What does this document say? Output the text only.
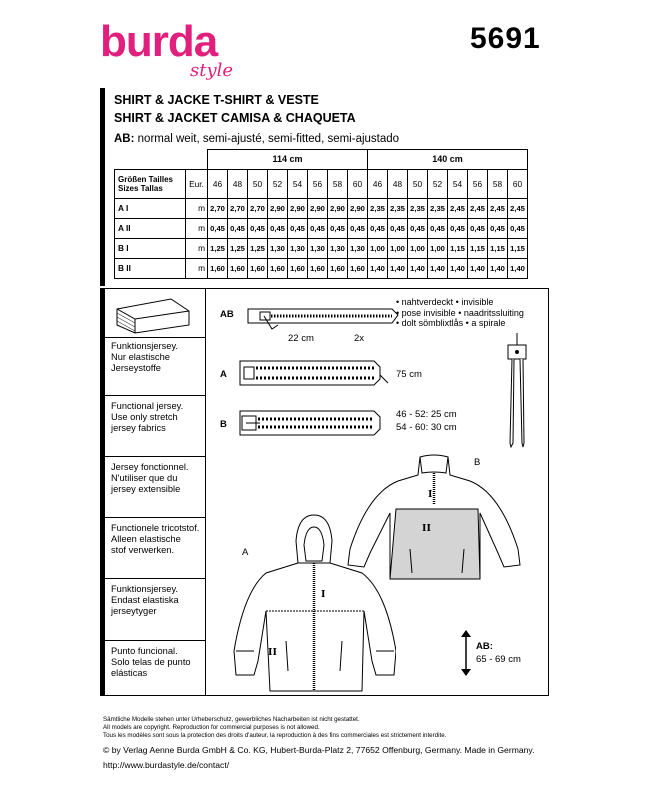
burda
style
5691
SHIRT & JACKE T-SHIRT & VESTE
SHIRT & JACKET CAMISA & CHAQUETA
AB: normal weit, semi-ajusté, semi-fitted, semi-ajustado
		114 cm								140 cm							
Größen Tailles
Sizes Tallas	Eur.	46	48	50	52	54	56	58	60	46	48	50	52	54	56	58	60
A I	m	2,70	2,70	2,70	2,90	2,90	2,90	2,90	2,90	2,35	2,35	2,35	2,35	2,45	2,45	2,45	2,45
A II	m	0,45	0,45	0,45	0,45	0,45	0,45	0,45	0,45	0,45	0,45	0,45	0,45	0,45	0,45	0,45	0,45
B I	m	1,25	1,25	1,25	1,30	1,30	1,30	1,30	1,30	1,00	1,00	1,00	1,00	1,15	1,15	1,15	1,15
B II	m	1,60	1,60	1,60	1,60	1,60	1,60	1,60	1,60	1,40	1,40	1,40	1,40	1,40	1,40	1,40	1,40
Funktionsjersey.
Nur elastische
Jerseystoffe
Functional jersey.
Use only stretch
jersey fabrics
Jersey fonctionnel.
N'utiliser que du
jersey extensible
Functionele tricotstof.
Alleen elastische
stof verwerken.
Funktionsjersey.
Endast elastiska
jerseytyger
Punto funcional.
Solo telas de punto
elásticas
AB
22 cm	2x
• nahtverdeckt • invisible
• pose invisible • naadritssluiting
• dolt sömblixtlås • a spirale
A	75 cm
B
46 - 52: 25 cm
54 - 60: 30 cm
A
I
II
B
I
II
AB:
65 - 69 cm
Sämtliche Modelle stehen unter Urheberschutz, gewerbliches Nacharbeiten ist nicht gestattet.
All models are copyright. Reproduction for commercial purposes is not allowed.
Tous les modèles sont sous la protection des droits d'auteur, la reproduction à des fins commerciales est strictement interdite.
© by Verlag Aenne Burda GmbH & Co. KG, Hubert-Burda-Platz 2, 77652 Offenburg, Germany. Made in Germany.
http://www.burdastyle.de/contact/
